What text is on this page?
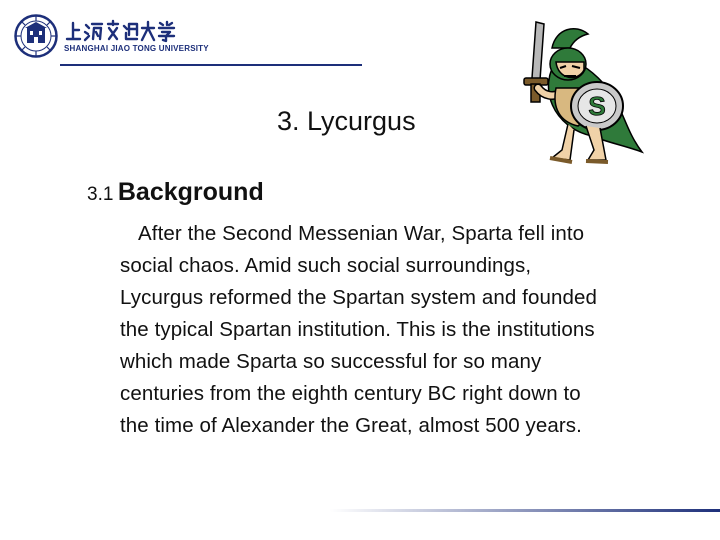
SHANGHAI JIAO TONG UNIVERSITY
S
3. Lycurgus
3.1 Background
After the Second Messenian War, Sparta fell into
social chaos. Amid such social surroundings,
Lycurgus reformed the Spartan system and founded
the typical Spartan institution. This is the institutions
which made Sparta so successful for so many
centuries from the eighth century BC right down to
the time of Alexander the Great, almost 500 years.
